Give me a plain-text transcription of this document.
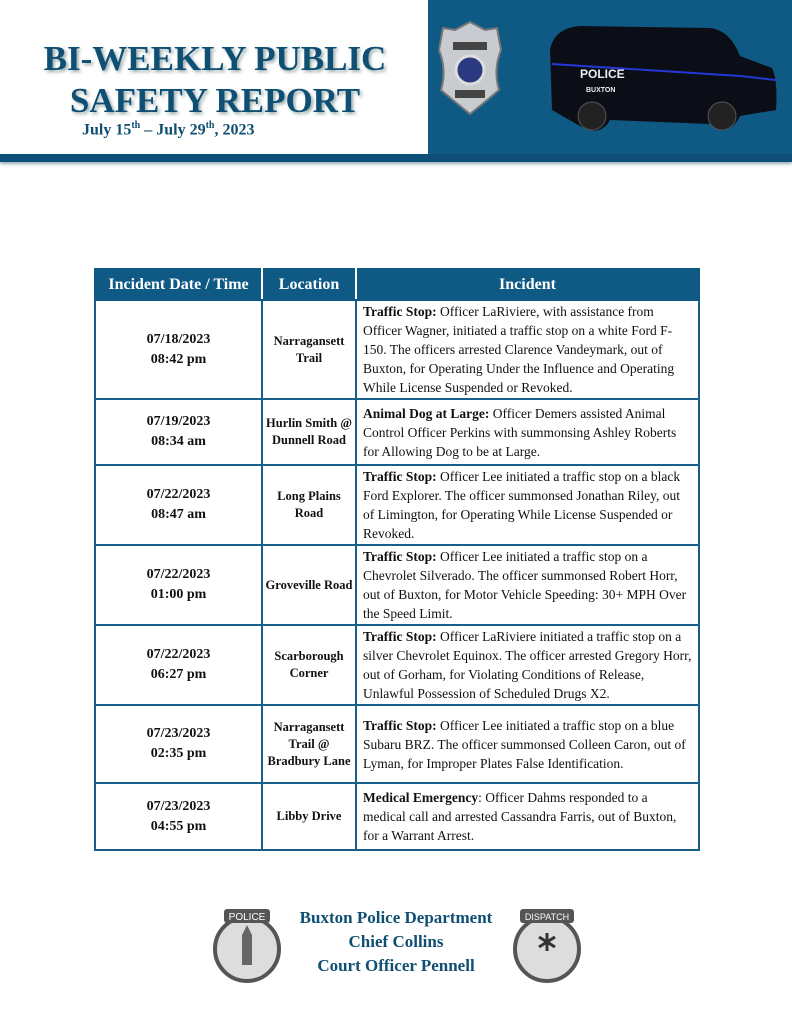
BI-WEEKLY PUBLIC
SAFETY REPORT
July 15th – July 29th, 2023
POLICE
BUXTON
Incident Date / Time	Location	Incident

07/18/2023
08:42 pm	Narragansett Trail	Traffic Stop: Officer LaRiviere, with assistance from Officer Wagner, initiated a traffic stop on a white Ford F-150. The officers arrested Clarence Vandeymark, out of Buxton, for Operating Under the Influence and Operating While License Suspended or Revoked.

07/19/2023
08:34 am	Hurlin Smith @ Dunnell Road	Animal Dog at Large: Officer Demers assisted Animal Control Officer Perkins with summonsing Ashley Roberts for Allowing Dog to be at Large.

07/22/2023
08:47 am	Long Plains Road	Traffic Stop: Officer Lee initiated a traffic stop on a black Ford Explorer. The officer summonsed Jonathan Riley, out of Limington, for Operating While License Suspended or Revoked.

07/22/2023
01:00 pm	Groveville Road	Traffic Stop: Officer Lee initiated a traffic stop on a Chevrolet Silverado. The officer summonsed Robert Horr, out of Buxton, for Motor Vehicle Speeding: 30+ MPH Over the Speed Limit.

07/22/2023
06:27 pm	Scarborough Corner	Traffic Stop: Officer LaRiviere initiated a traffic stop on a silver Chevrolet Equinox. The officer arrested Gregory Horr, out of Gorham, for Violating Conditions of Release, Unlawful Possession of Scheduled Drugs X2.

07/23/2023
02:35 pm	Narragansett Trail @ Bradbury Lane	Traffic Stop: Officer Lee initiated a traffic stop on a blue Subaru BRZ. The officer summonsed Colleen Caron, out of Lyman, for Improper Plates False Identification.

07/23/2023
04:55 pm	Libby Drive	Medical Emergency: Officer Dahms responded to a medical call and arrested Cassandra Farris, out of Buxton, for a Warrant Arrest.
POLICE	Buxton Police Department
Chief Collins
Court Officer Pennell
DISPATCH
